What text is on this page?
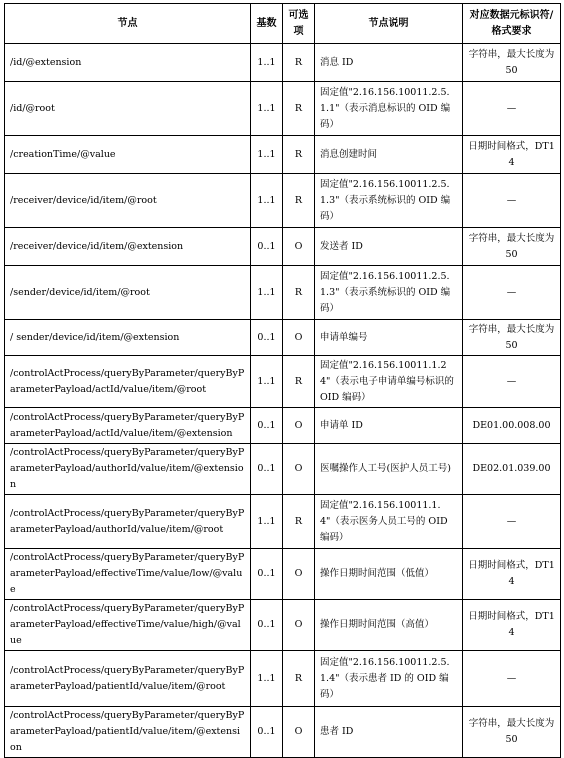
节点	基数	可选项	节点说明	对应数据元标识符/格式要求
/id/@extension	1..1	R	消息 ID	字符串，最大长度为 50
/id/@root	1..1	R	固定值"2.16.156.10011.2.5.1.1"（表示消息标识的 OID 编码）	—
/creationTime/@value	1..1	R	消息创建时间	日期时间格式，DT14
/receiver/device/id/item/@root	1..1	R	固定值"2.16.156.10011.2.5.1.3"（表示系统标识的 OID 编码）	—
/receiver/device/id/item/@extension	0..1	O	发送者 ID	字符串，最大长度为 50
/sender/device/id/item/@root	1..1	R	固定值"2.16.156.10011.2.5.1.3"（表示系统标识的 OID 编码）	—
/ sender/device/id/item/@extension	0..1	O	申请单编号	字符串，最大长度为 50
/controlActProcess/queryByParameter/queryByParameterPayload/actId/value/item/@root	1..1	R	固定值"2.16.156.10011.1.24"（表示电子申请单编号标识的 OID 编码）	—
/controlActProcess/queryByParameter/queryByParameterPayload/actId/value/item/@extension	0..1	O	申请单 ID	DE01.00.008.00
/controlActProcess/queryByParameter/queryByParameterPayload/authorId/value/item/@extension	0..1	O	医嘱操作人工号(医护人员工号)	DE02.01.039.00
/controlActProcess/queryByParameter/queryByParameterPayload/authorId/value/item/@root	1..1	R	固定值"2.16.156.10011.1.4"（表示医务人员工号的 OID 编码）	—
/controlActProcess/queryByParameter/queryByParameterPayload/effectiveTime/value/low/@value	0..1	O	操作日期时间范围（低值）	日期时间格式，DT14
/controlActProcess/queryByParameter/queryByParameterPayload/effectiveTime/value/high/@value	0..1	O	操作日期时间范围（高值）	日期时间格式，DT14
/controlActProcess/queryByParameter/queryByParameterPayload/patientId/value/item/@root	1..1	R	固定值"2.16.156.10011.2.5.1.4"（表示患者 ID 的 OID 编码）	—
/controlActProcess/queryByParameter/queryByParameterPayload/patientId/value/item/@extension	0..1	O	患者 ID	字符串，最大长度为 50
